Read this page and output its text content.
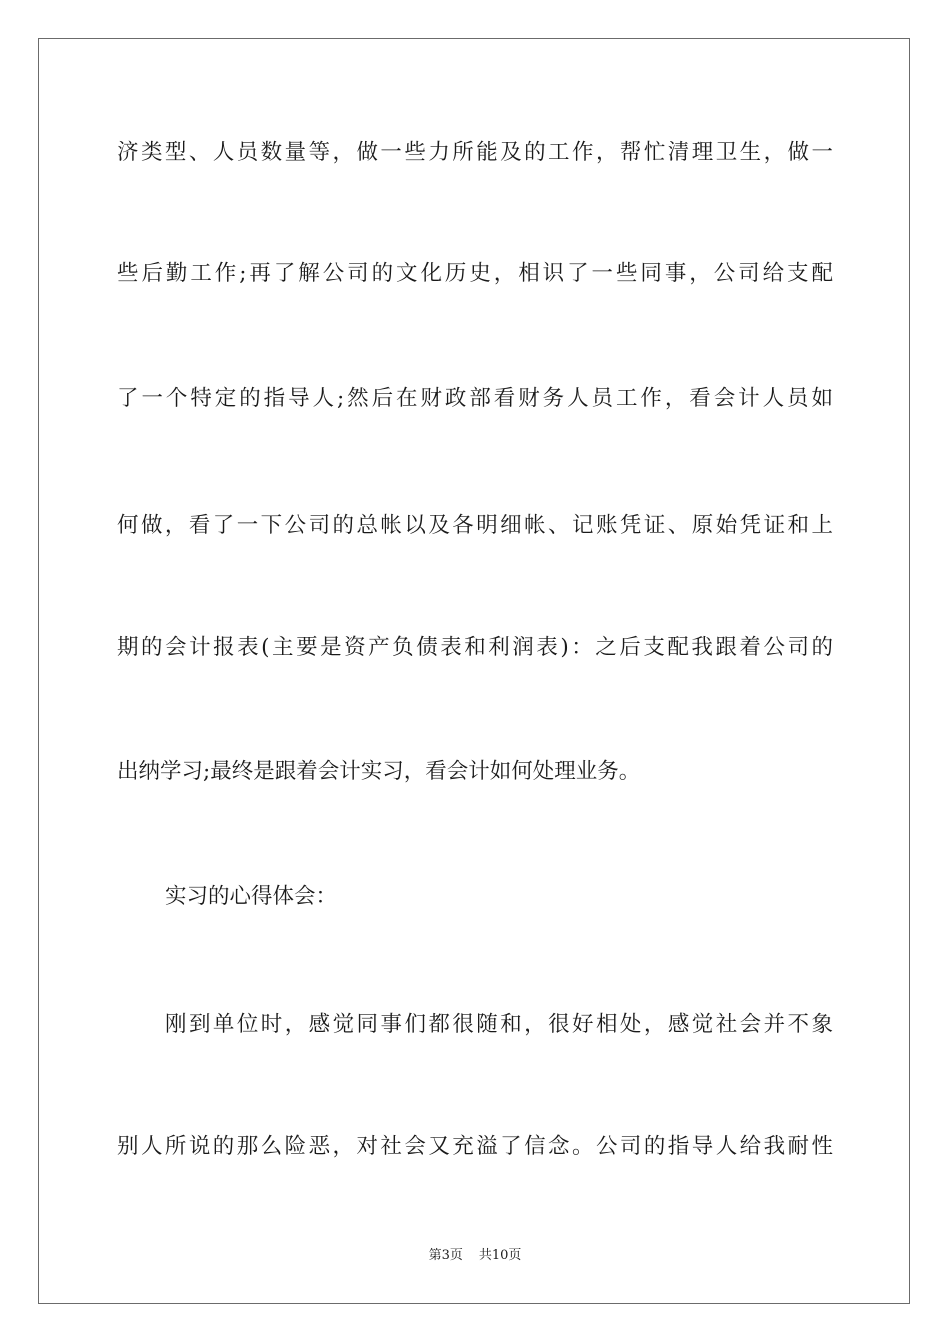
济类型、人员数量等，做一些力所能及的工作，帮忙清理卫生，做一
些后勤工作;再了解公司的文化历史，相识了一些同事，公司给支配
了一个特定的指导人;然后在财政部看财务人员工作，看会计人员如
何做，看了一下公司的总帐以及各明细帐、记账凭证、原始凭证和上
期的会计报表(主要是资产负债表和利润表)：之后支配我跟着公司的
出纳学习;最终是跟着会计实习，看会计如何处理业务。
实习的心得体会：
刚到单位时，感觉同事们都很随和，很好相处，感觉社会并不象
别人所说的那么险恶，对社会又充溢了信念。公司的指导人给我耐性
第3页 共10页
